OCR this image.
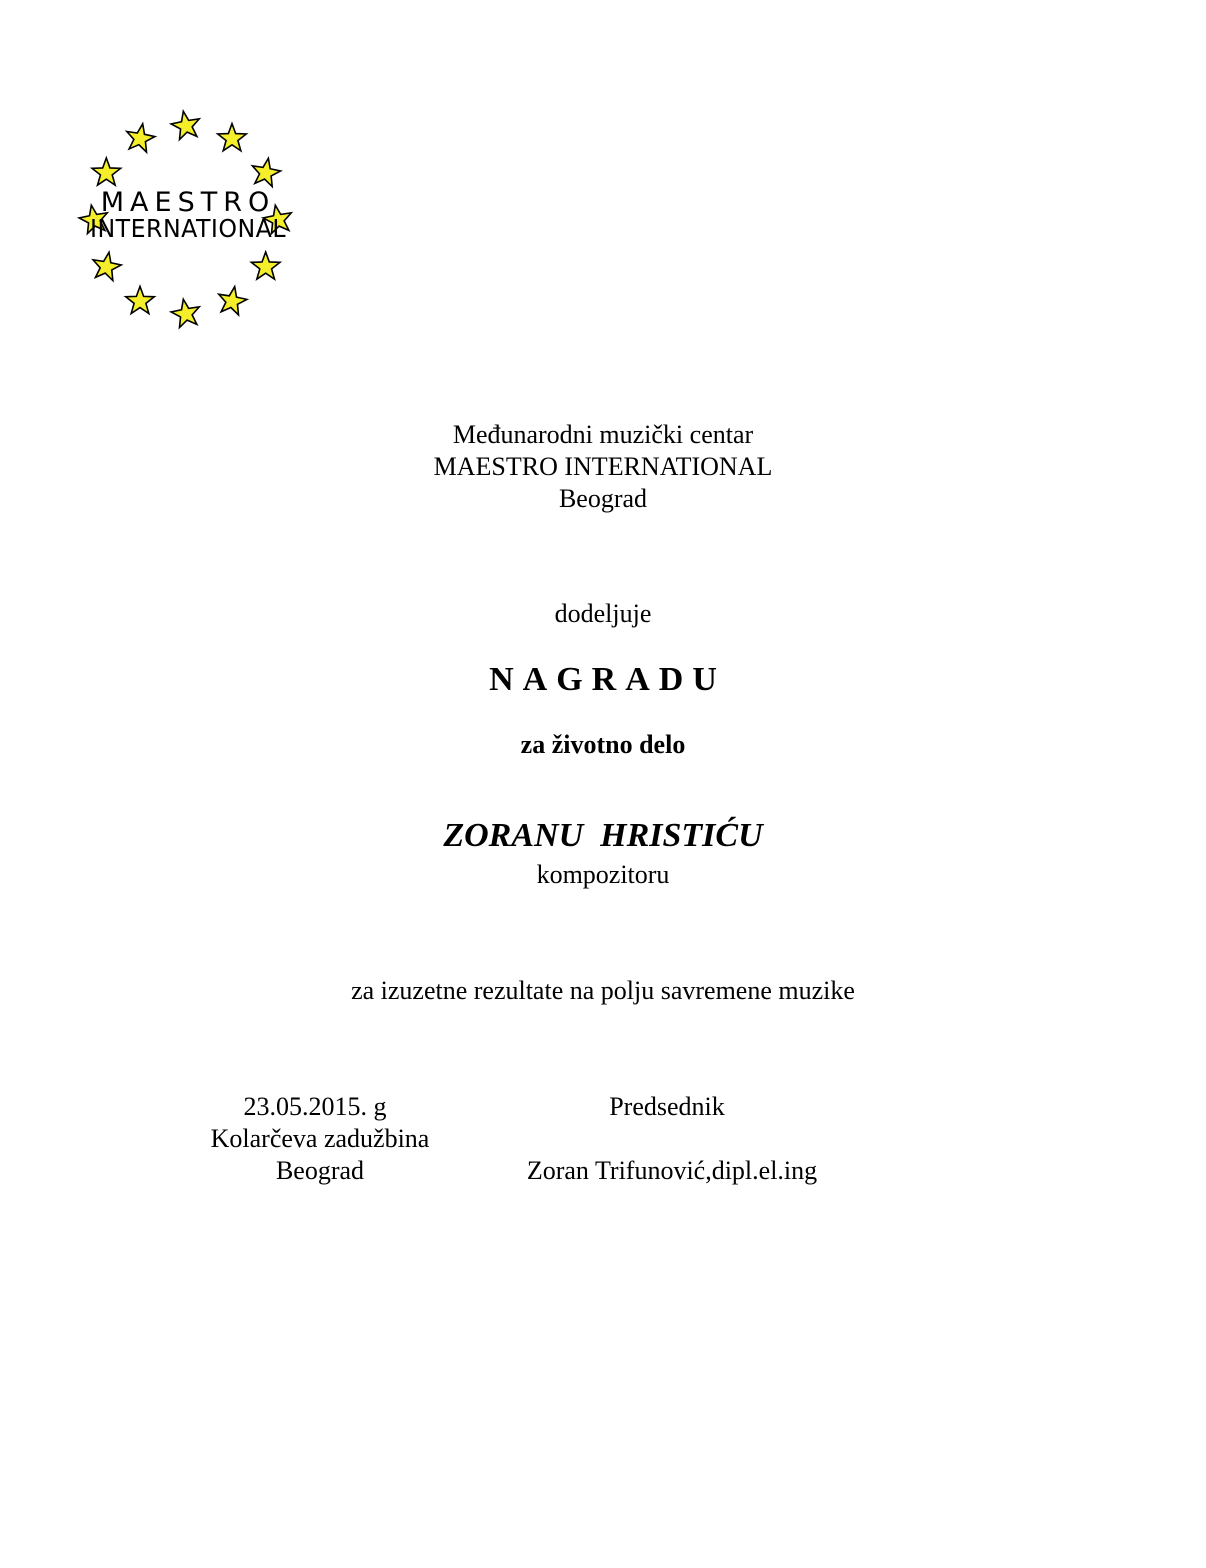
MAESTRO
INTERNATIONAL
Međunarodni muzički centar
MAESTRO INTERNATIONAL
Beograd
dodeljuje
NAGRADU
za životno delo
ZORANU  HRISTIĆU
kompozitoru
za izuzetne rezultate na polju savremene muzike
23.05.2015. g
Kolarčeva zadužbina
Beograd
Predsednik
Zoran Trifunović,dipl.el.ing
